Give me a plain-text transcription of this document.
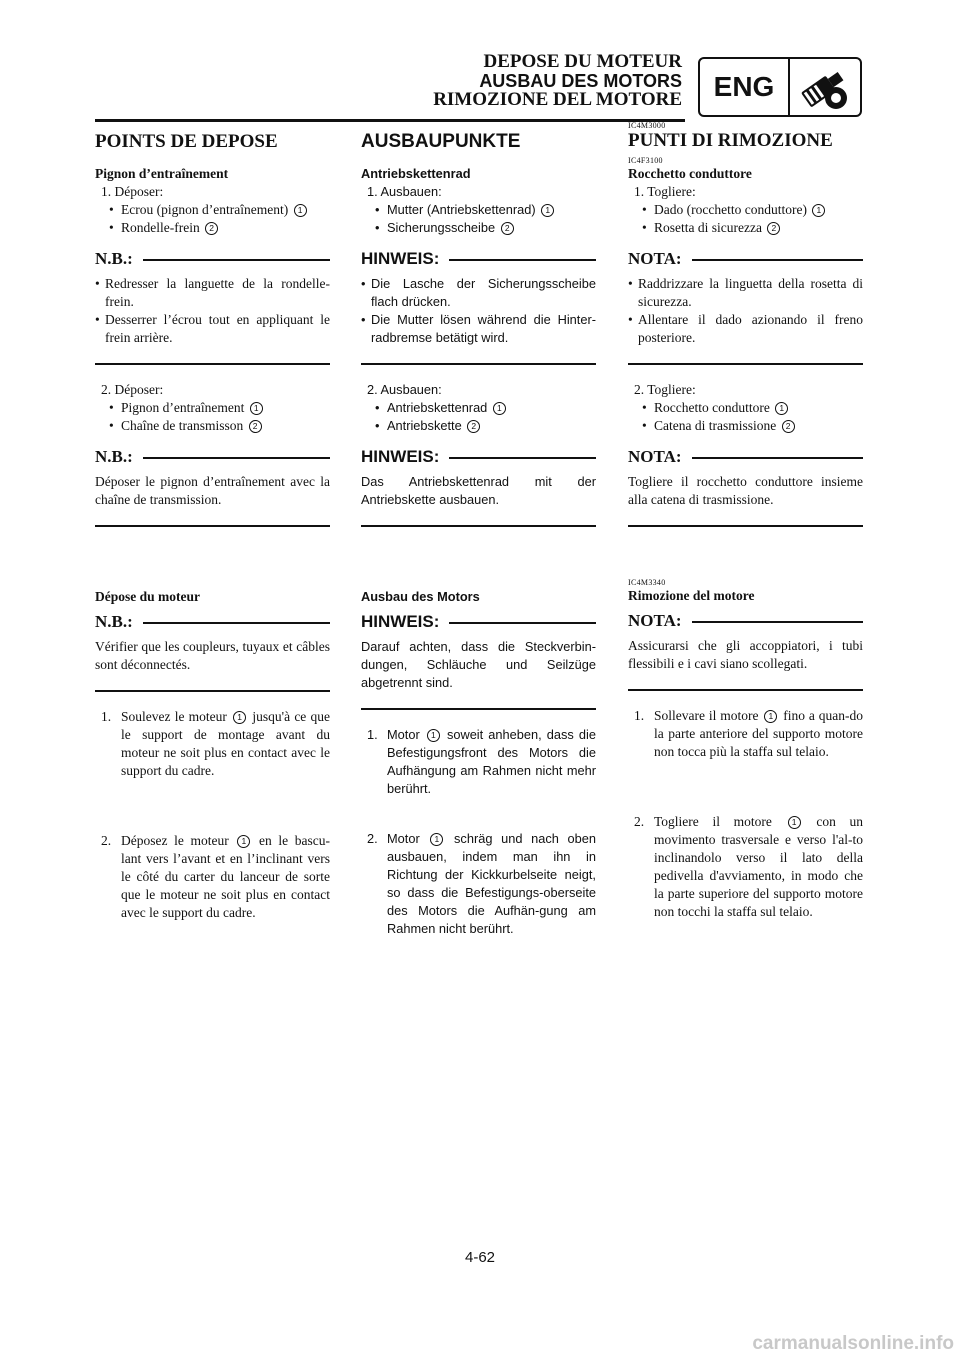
DEPOSE DU MOTEUR
AUSBAU DES MOTORS
RIMOZIONE DEL MOTORE	ENG

POINTS DE DEPOSE

Pignon d’entraînement

1. Déposer:

• Ecrou (pignon d’entraînement) 1
• Rondelle-frein 2
N.B.:

• Redresser la languette de la rondelle-frein.

• Desserrer l’écrou tout en appliquant le frein arrière.

2. Déposer:

• Pignon d’entraînement 1
• Chaîne de transmisson 2
N.B.:

Déposer le pignon d’entraînement avec la chaîne de transmission.

AUSBAUPUNKTE

Antriebskettenrad

1. Ausbauen:

• Mutter (Antriebskettenrad) 1
• Sicherungsscheibe 2
HINWEIS:

• Die Lasche der Sicherungsscheibe flach drücken.

• Die Mutter lösen während die Hinter-radbremse betätigt wird.

2. Ausbauen:

• Antriebskettenrad 1
• Antriebskette 2
HINWEIS:

Das Antriebskettenrad mit der Antriebskette ausbauen.

IC4M3000

PUNTI DI RIMOZIONE

IC4F3100

Rocchetto conduttore

1. Togliere:

• Dado (rocchetto conduttore) 1
• Rosetta di sicurezza 2
NOTA:

• Raddrizzare la linguetta della rosetta di sicurezza.

• Allentare il dado azionando il freno posteriore.

2. Togliere:

• Rocchetto conduttore 1
• Catena di trasmissione 2
NOTA:

Togliere il rocchetto conduttore insieme alla catena di trasmissione.

Dépose du moteur

N.B.:

Vérifier que les coupleurs, tuyaux et câbles sont déconnectés.

1. Soulevez le moteur 1 jusqu'à ce que le support de montage avant du moteur ne soit plus en contact avec le support du cadre.
2. Déposez le moteur 1 en le bascu-lant vers l’avant et en l’inclinant vers le côté du carter du lanceur de sorte que le moteur ne soit plus en contact avec le support du cadre.

Ausbau des Motors

HINWEIS:

Darauf achten, dass die Steckverbin-dungen, Schläuche und Seilzüge abgetrennt sind.

1. Motor 1 soweit anheben, dass die Befestigungsfront des Motors die Aufhängung am Rahmen nicht mehr berührt.
2. Motor 1 schräg und nach oben ausbauen, indem man ihn in Richtung der Kickkurbelseite neigt, so dass die Befestigungs-oberseite des Motors die Aufhän-gung am Rahmen nicht berührt.

IC4M3340

Rimozione del motore

NOTA:

Assicurarsi che gli accoppiatori, i tubi flessibili e i cavi siano scollegati.

1. Sollevare il motore 1 fino a quan-do la parte anteriore del supporto motore non tocca più la staffa sul telaio.
2. Togliere il motore 1 con un movimento trasversale e verso l'al-to inclinandolo verso il lato della pedivella d'avviamento, in modo che la parte superiore del supporto motore non tocchi la staffa sul telaio.
4-62
carmanualsonline.info
